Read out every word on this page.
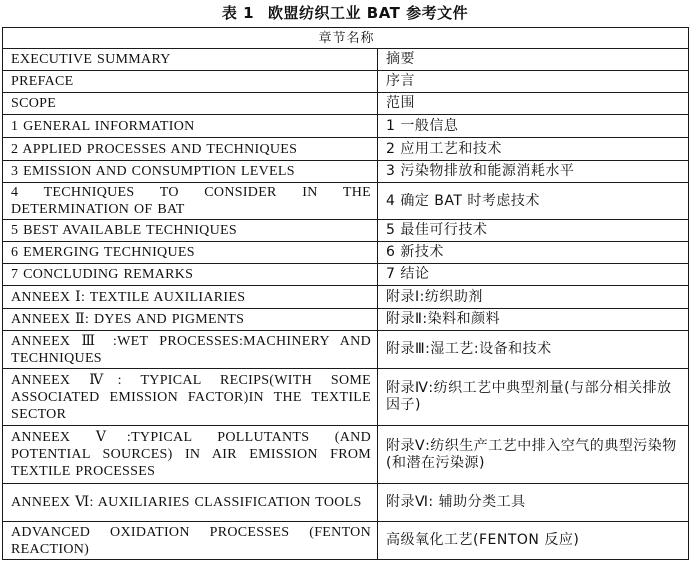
表 1 欧盟纺织工业 BAT 参考文件
章节名称	
EXECUTIVE SUMMARY	摘要
PREFACE	序言
SCOPE	范围
1 GENERAL INFORMATION	1 一般信息
2 APPLIED PROCESSES AND TECHNIQUES	2 应用工艺和技术
3 EMISSION AND CONSUMPTION LEVELS	3 污染物排放和能源消耗水平
4 TECHNIQUES TO CONSIDER IN THE DETERMINATION OF BAT	4 确定 BAT 时考虑技术
5 BEST AVAILABLE TECHNIQUES	5 最佳可行技术
6 EMERGING TECHNIQUES	6 新技术
7 CONCLUDING REMARKS	7 结论
ANNEEX Ⅰ: TEXTILE AUXILIARIES	附录Ⅰ:纺织助剂
ANNEEX Ⅱ: DYES AND PIGMENTS	附录Ⅱ:染料和颜料
ANNEEX Ⅲ :WET PROCESSES:MACHINERY AND TECHNIQUES	附录Ⅲ:湿工艺:设备和技术
ANNEEX Ⅳ: TYPICAL RECIPS(WITH SOME ASSOCIATED EMISSION FACTOR)IN THE TEXTILE SECTOR	附录Ⅳ:纺织工艺中典型剂量(与部分相关排放因子)
ANNEEX Ⅴ:TYPICAL POLLUTANTS (AND POTENTIAL SOURCES) IN AIR EMISSION FROM TEXTILE PROCESSES	附录Ⅴ:纺织生产工艺中排入空气的典型污染物(和潜在污染源)
ANNEEX Ⅵ: AUXILIARIES CLASSIFICATION TOOLS	附录Ⅵ: 辅助分类工具
ADVANCED OXIDATION PROCESSES (FENTON REACTION)	高级氧化工艺(FENTON 反应)
